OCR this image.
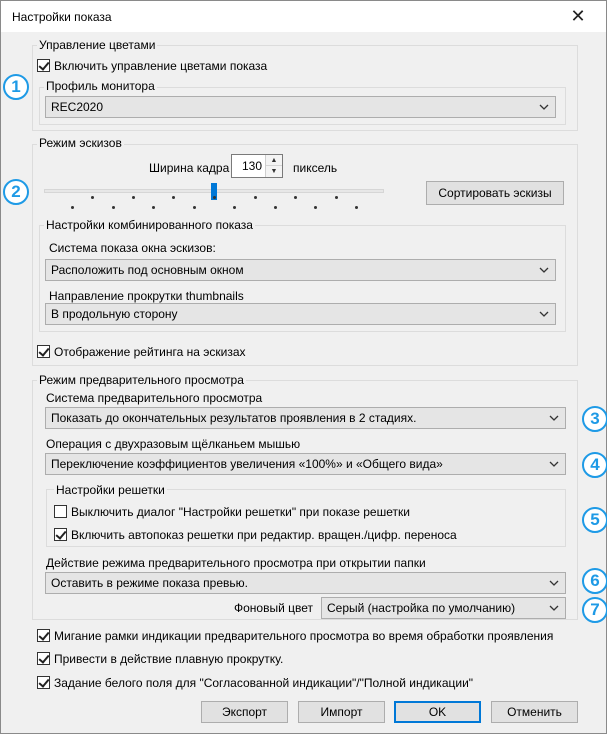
Настройки показа	✕
Управление цветами
Включить управление цветами показа
Профиль монитора
REC2020
1
Режим эскизов
Ширина кадра	130	▲
▼	пиксель
Сортировать эскизы
2
Настройки комбинированного показа
Система показа окна эскизов:
Расположить под основным окном
Направление прокрутки thumbnails
В продольную сторону
Отображение рейтинга на эскизах
Режим предварительного просмотра
Система предварительного просмотра
Показать до окончательных результатов проявления в 2 стадиях.	3
Операция с двухразовым щёлканьем мышью
Переключение коэффициентов увеличения «100%» и «Общего вида»	4
Настройки решетки
Выключить диалог "Настройки решетки" при показе решетки
Включить автопоказ решетки при редактир. вращен./цифр. переноса
5
Действие режима предварительного просмотра при открытии папки
Оставить в режиме показа превью.	6
Фоновый цвет Серый (настройка по умолчанию)	7
Мигание рамки индикации предварительного просмотра во время обработки проявления
Привести в действие плавную прокрутку.
Задание белого поля для "Согласованной индикации"/"Полной индикации"
Экспорт	Импорт	OK	Отменить
